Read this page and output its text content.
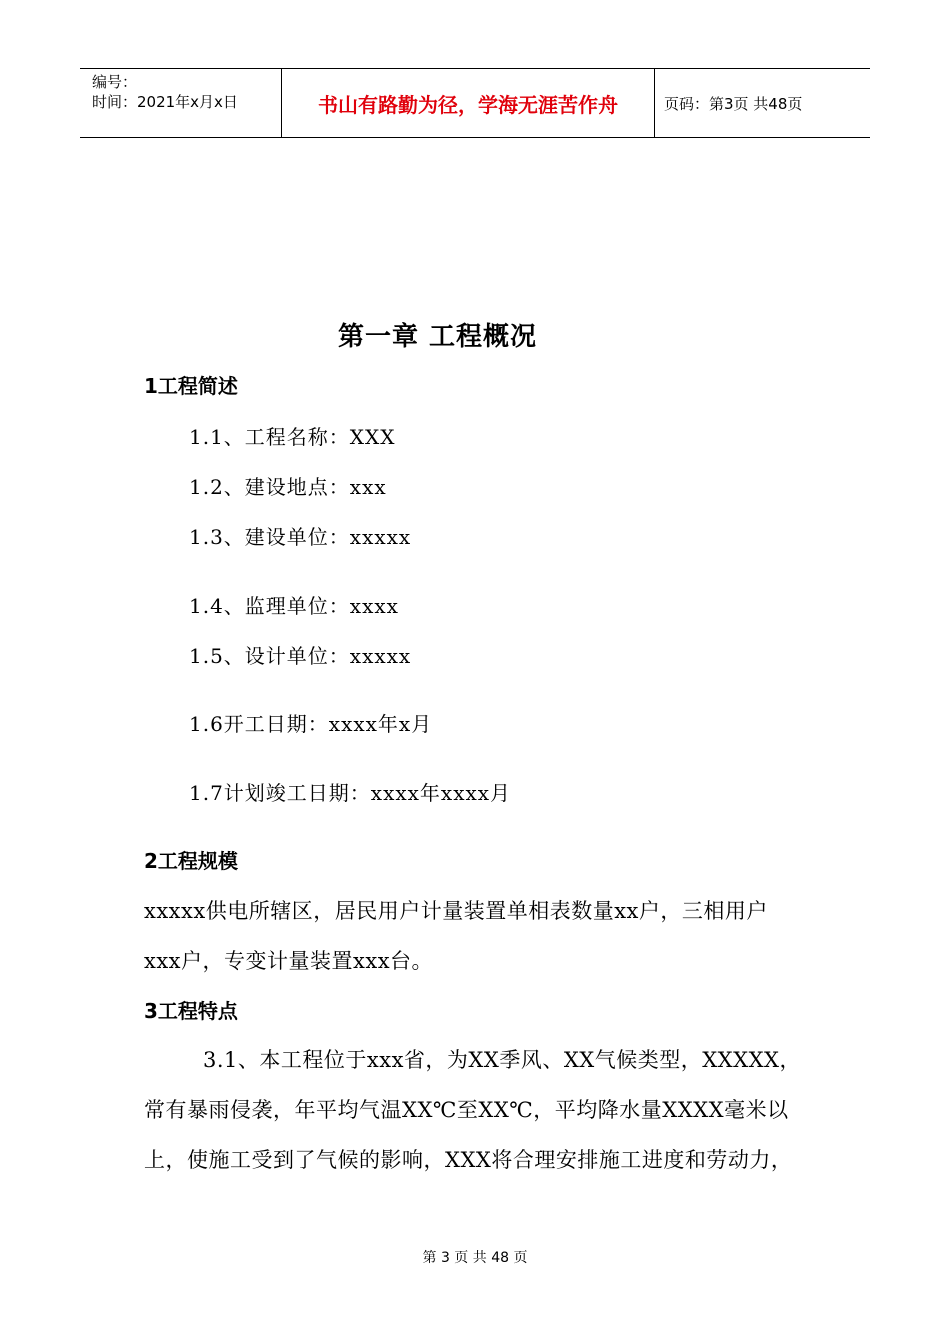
编号：
时间：2021年x月x日	书山有路勤为径，学海无涯苦作舟	页码：第3页 共48页
第一章 工程概况
1工程简述
1.1、工程名称：XXX
1.2、建设地点：xxx
1.3、建设单位：xxxxx
1.4、监理单位：xxxx
1.5、设计单位：xxxxx
1.6开工日期：xxxx年x月
1.7计划竣工日期：xxxx年xxxx月
2工程规模
xxxxx供电所辖区，居民用户计量装置单相表数量xx户，三相用户
xxx户，专变计量装置xxx台。
3工程特点
3.1、本工程位于xxx省，为XX季风、XX气候类型，XXXXX，
常有暴雨侵袭，年平均气温XX℃至XX℃，平均降水量XXXX毫米以
上，使施工受到了气候的影响，XXX将合理安排施工进度和劳动力，
第 3 页 共 48 页
